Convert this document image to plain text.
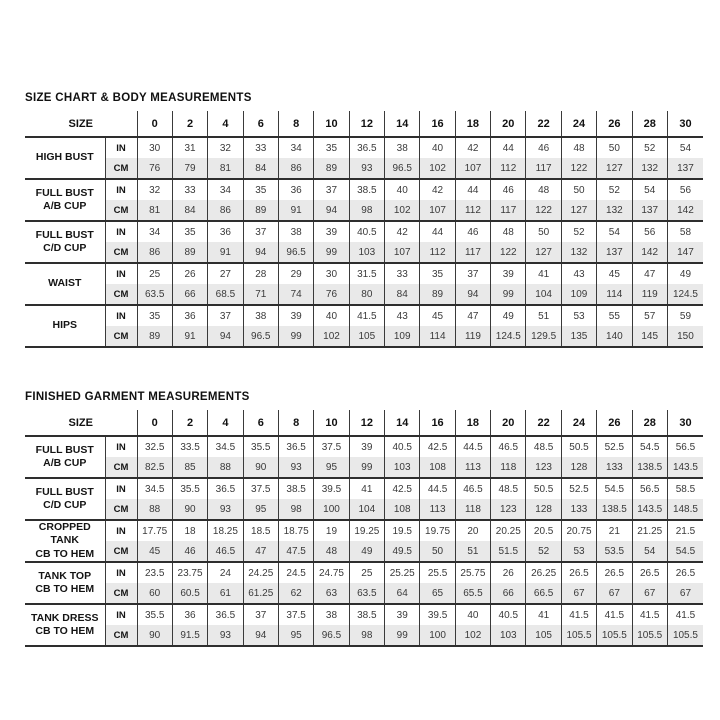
SIZE CHART & BODY MEASUREMENTS
SIZE		0	2	4	6	8	10	12	14	16	18	20	22	24	26	28	30

HIGH BUST	IN	30	31	32	33	34	35	36.5	38	40	42	44	46	48	50	52	54
	CM	76	79	81	84	86	89	93	96.5	102	107	112	117	122	127	132	137

FULL BUST
A/B CUP	IN	32	33	34	35	36	37	38.5	40	42	44	46	48	50	52	54	56
	CM	81	84	86	89	91	94	98	102	107	112	117	122	127	132	137	142

FULL BUST
C/D CUP	IN	34	35	36	37	38	39	40.5	42	44	46	48	50	52	54	56	58
	CM	86	89	91	94	96.5	99	103	107	112	117	122	127	132	137	142	147

WAIST	IN	25	26	27	28	29	30	31.5	33	35	37	39	41	43	45	47	49
	CM	63.5	66	68.5	71	74	76	80	84	89	94	99	104	109	114	119	124.5

HIPS	IN	35	36	37	38	39	40	41.5	43	45	47	49	51	53	55	57	59
	CM	89	91	94	96.5	99	102	105	109	114	119	124.5	129.5	135	140	145	150
FINISHED GARMENT MEASUREMENTS
SIZE		0	2	4	6	8	10	12	14	16	18	20	22	24	26	28	30

FULL BUST
A/B CUP	IN	32.5	33.5	34.5	35.5	36.5	37.5	39	40.5	42.5	44.5	46.5	48.5	50.5	52.5	54.5	56.5
	CM	82.5	85	88	90	93	95	99	103	108	113	118	123	128	133	138.5	143.5

FULL BUST
C/D CUP	IN	34.5	35.5	36.5	37.5	38.5	39.5	41	42.5	44.5	46.5	48.5	50.5	52.5	54.5	56.5	58.5
	CM	88	90	93	95	98	100	104	108	113	118	123	128	133	138.5	143.5	148.5

CROPPED TANK
CB TO HEM	IN	17.75	18	18.25	18.5	18.75	19	19.25	19.5	19.75	20	20.25	20.5	20.75	21	21.25	21.5
	CM	45	46	46.5	47	47.5	48	49	49.5	50	51	51.5	52	53	53.5	54	54.5

TANK TOP
CB TO HEM	IN	23.5	23.75	24	24.25	24.5	24.75	25	25.25	25.5	25.75	26	26.25	26.5	26.5	26.5	26.5
	CM	60	60.5	61	61.25	62	63	63.5	64	65	65.5	66	66.5	67	67	67	67

TANK DRESS
CB TO HEM	IN	35.5	36	36.5	37	37.5	38	38.5	39	39.5	40	40.5	41	41.5	41.5	41.5	41.5
	CM	90	91.5	93	94	95	96.5	98	99	100	102	103	105	105.5	105.5	105.5	105.5
